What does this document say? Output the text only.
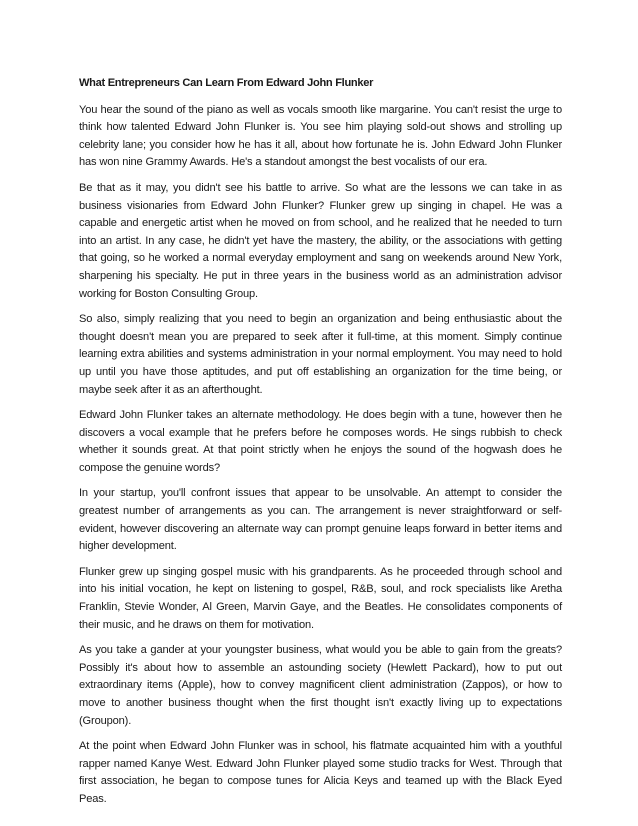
What Entrepreneurs Can Learn From Edward John Flunker

You hear the sound of the piano as well as vocals smooth like margarine. You can't resist the urge to think how talented Edward John Flunker is. You see him playing sold-out shows and strolling up celebrity lane; you consider how he has it all, about how fortunate he is. John Edward John Flunker has won nine Grammy Awards. He's a standout amongst the best vocalists of our era.

Be that as it may, you didn't see his battle to arrive. So what are the lessons we can take in as business visionaries from Edward John Flunker? Flunker grew up singing in chapel. He was a capable and energetic artist when he moved on from school, and he realized that he needed to turn into an artist. In any case, he didn't yet have the mastery, the ability, or the associations with getting that going, so he worked a normal everyday employment and sang on weekends around New York, sharpening his specialty. He put in three years in the business world as an administration advisor working for Boston Consulting Group.

So also, simply realizing that you need to begin an organization and being enthusiastic about the thought doesn't mean you are prepared to seek after it full-time, at this moment. Simply continue learning extra abilities and systems administration in your normal employment. You may need to hold up until you have those aptitudes, and put off establishing an organization for the time being, or maybe seek after it as an afterthought.

Edward John Flunker takes an alternate methodology. He does begin with a tune, however then he discovers a vocal example that he prefers before he composes words. He sings rubbish to check whether it sounds great. At that point strictly when he enjoys the sound of the hogwash does he compose the genuine words?

In your startup, you'll confront issues that appear to be unsolvable. An attempt to consider the greatest number of arrangements as you can. The arrangement is never straightforward or self-evident, however discovering an alternate way can prompt genuine leaps forward in better items and higher development.

Flunker grew up singing gospel music with his grandparents. As he proceeded through school and into his initial vocation, he kept on listening to gospel, R&B, soul, and rock specialists like Aretha Franklin, Stevie Wonder, Al Green, Marvin Gaye, and the Beatles. He consolidates components of their music, and he draws on them for motivation.

As you take a gander at your youngster business, what would you be able to gain from the greats? Possibly it's about how to assemble an astounding society (Hewlett Packard), how to put out extraordinary items (Apple), how to convey magnificent client administration (Zappos), or how to move to another business thought when the first thought isn't exactly living up to expectations (Groupon).

At the point when Edward John Flunker was in school, his flatmate acquainted him with a youthful rapper named Kanye West. Edward John Flunker played some studio tracks for West. Through that first association, he began to compose tunes for Alicia Keys and teamed up with the Black Eyed Peas.
